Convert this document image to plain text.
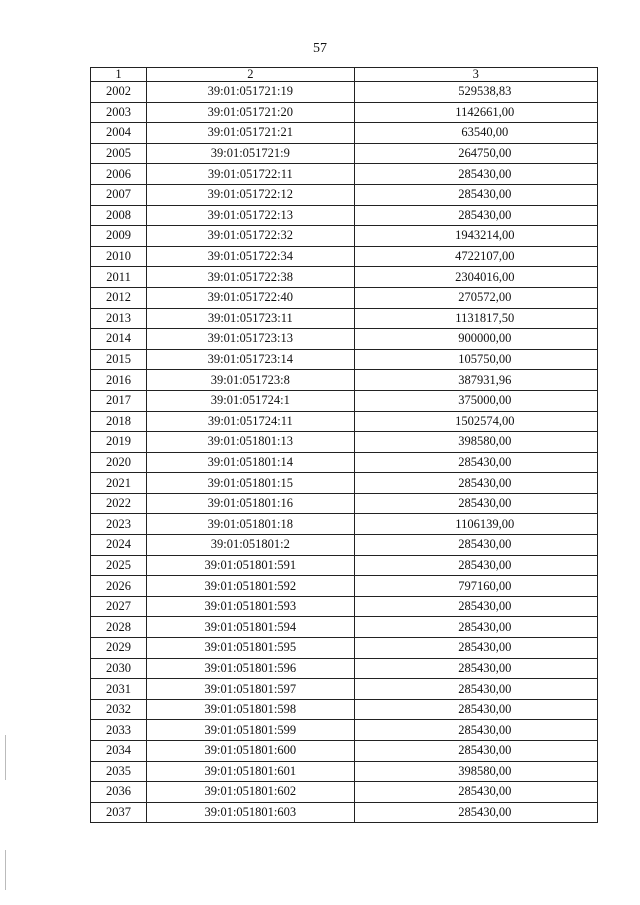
57
1	2	3
2002	39:01:051721:19	529538,83
2003	39:01:051721:20	1142661,00
2004	39:01:051721:21	63540,00
2005	39:01:051721:9	264750,00
2006	39:01:051722:11	285430,00
2007	39:01:051722:12	285430,00
2008	39:01:051722:13	285430,00
2009	39:01:051722:32	1943214,00
2010	39:01:051722:34	4722107,00
2011	39:01:051722:38	2304016,00
2012	39:01:051722:40	270572,00
2013	39:01:051723:11	1131817,50
2014	39:01:051723:13	900000,00
2015	39:01:051723:14	105750,00
2016	39:01:051723:8	387931,96
2017	39:01:051724:1	375000,00
2018	39:01:051724:11	1502574,00
2019	39:01:051801:13	398580,00
2020	39:01:051801:14	285430,00
2021	39:01:051801:15	285430,00
2022	39:01:051801:16	285430,00
2023	39:01:051801:18	1106139,00
2024	39:01:051801:2	285430,00
2025	39:01:051801:591	285430,00
2026	39:01:051801:592	797160,00
2027	39:01:051801:593	285430,00
2028	39:01:051801:594	285430,00
2029	39:01:051801:595	285430,00
2030	39:01:051801:596	285430,00
2031	39:01:051801:597	285430,00
2032	39:01:051801:598	285430,00
2033	39:01:051801:599	285430,00
2034	39:01:051801:600	285430,00
2035	39:01:051801:601	398580,00
2036	39:01:051801:602	285430,00
2037	39:01:051801:603	285430,00
